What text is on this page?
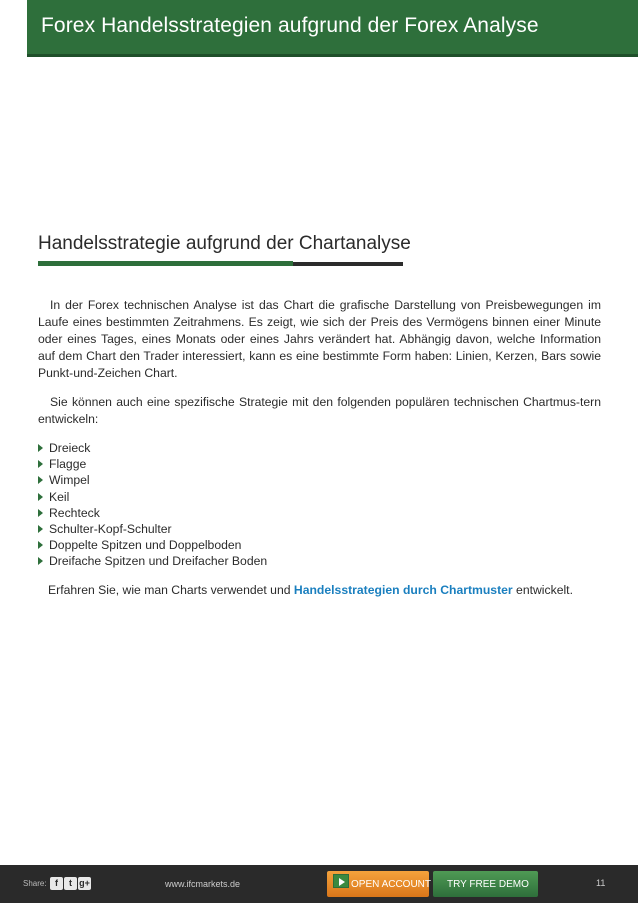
Forex Handelsstrategien aufgrund der Forex Analyse
Handelsstrategie aufgrund der Chartanalyse

In der Forex technischen Analyse ist das Chart die grafische Darstellung von Preisbewegungen im Laufe eines bestimmten Zeitrahmens. Es zeigt, wie sich der Preis des Vermögens binnen einer Minute oder eines Tages, eines Monats oder eines Jahrs verändert hat. Abhängig davon, welche Information auf dem Chart den Trader interessiert, kann es eine bestimmte Form haben: Linien, Kerzen, Bars sowie Punkt-und-Zeichen Chart.

Sie können auch eine spezifische Strategie mit den folgenden populären technischen Chartmus-tern entwickeln:

Dreieck
Flagge
Wimpel
Keil
Rechteck
Schulter-Kopf-Schulter
Doppelte Spitzen und Doppelboden
Dreifache Spitzen und Dreifacher Boden

Erfahren Sie, wie man Charts verwendet und Handelsstrategien durch Chartmuster entwickelt.

Share: f	t g+	www.ifcmarkets.de	OPEN ACCOUNT TRY FREE DEMO	11
